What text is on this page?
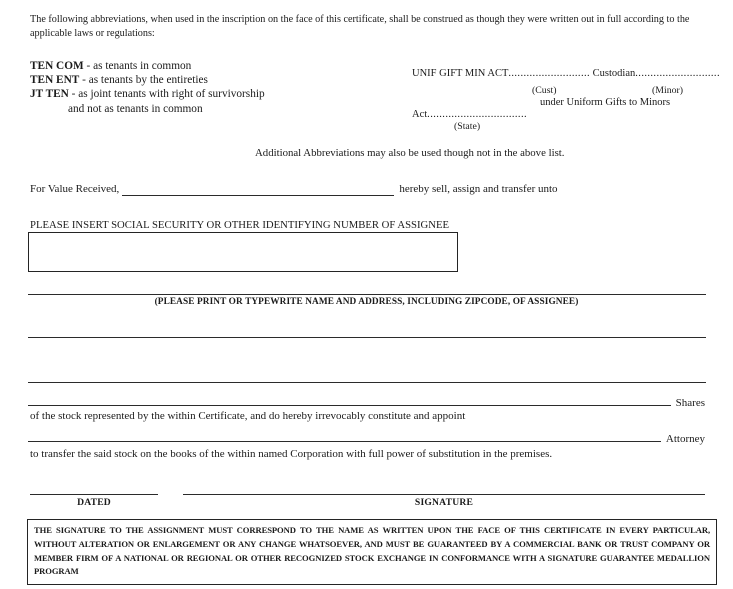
The following abbreviations, when used in the inscription on the face of this certificate, shall be construed as though they were written out in full according to the applicable laws or regulations:
TEN COM - as tenants in common
TEN ENT - as tenants by the entireties
JT TEN - as joint tenants with right of survivorship
and not as tenants in common
UNIF GIFT MIN ACT........................... Custodian............................
(Cust)	(Minor)
under Uniform Gifts to Minors
Act.................................
(State)
Additional Abbreviations may also be used though not in the above list.
For Value Received,	hereby sell, assign and transfer unto
PLEASE INSERT SOCIAL SECURITY OR OTHER IDENTIFYING NUMBER OF ASSIGNEE
(PLEASE PRINT OR TYPEWRITE NAME AND ADDRESS, INCLUDING ZIPCODE, OF ASSIGNEE)
Shares
of the stock represented by the within Certificate, and do hereby irrevocably constitute and appoint
Attorney
to transfer the said stock on the books of the within named Corporation with full power of substitution in the premises.
DATED	SIGNATURE
THE SIGNATURE TO THE ASSIGNMENT MUST CORRESPOND TO THE NAME AS WRITTEN UPON THE FACE OF THIS CERTIFICATE IN EVERY PARTICULAR, WITHOUT ALTERATION OR ENLARGEMENT OR ANY CHANGE WHATSOEVER, AND MUST BE GUARANTEED BY A COMMERCIAL BANK OR TRUST COMPANY OR MEMBER FIRM OF A NATIONAL OR REGIONAL OR OTHER RECOGNIZED STOCK EXCHANGE IN CONFORMANCE WITH A SIGNATURE GUARANTEE MEDALLION PROGRAM
